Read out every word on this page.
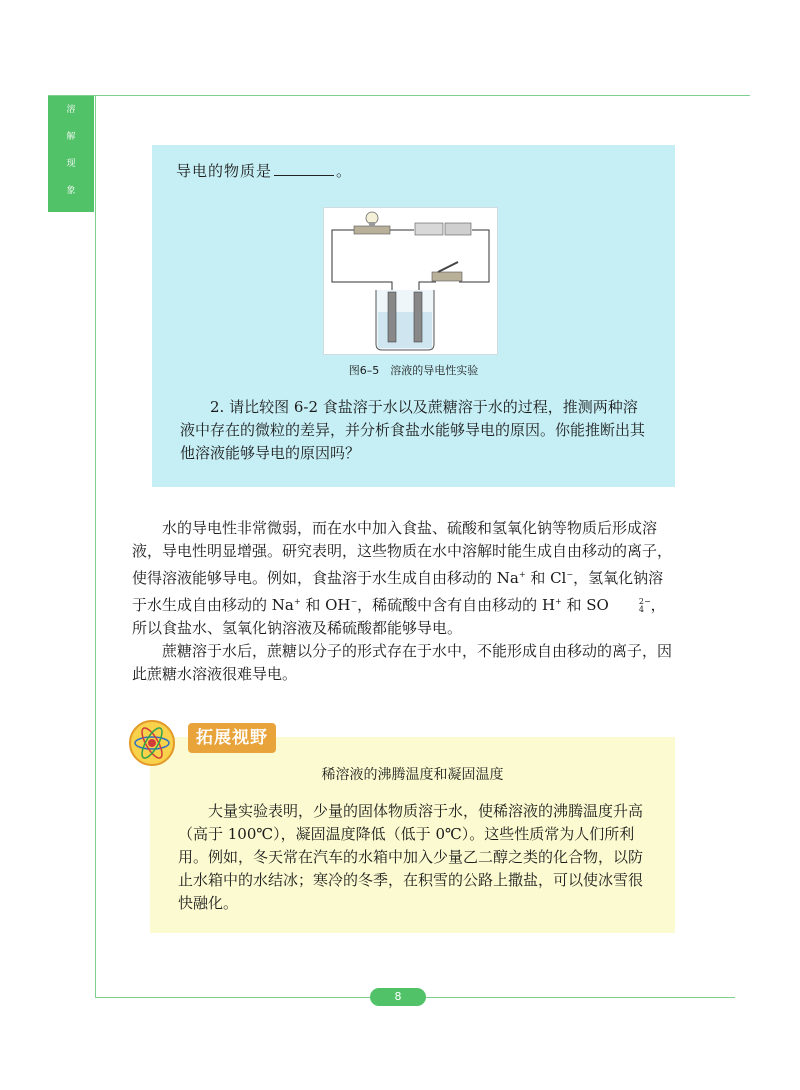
溶
解
现
象
导电的物质是	。
图6–5　溶液的导电性实验
2. 请比较图 6-2 食盐溶于水以及蔗糖溶于水的过程，推测两种溶液中存在的微粒的差异，并分析食盐水能够导电的原因。你能推断出其他溶液能够导电的原因吗？

水的导电性非常微弱，而在水中加入食盐、硫酸和氢氧化钠等物质后形成溶液，导电性明显增强。研究表明，这些物质在水中溶解时能生成自由移动的离子，使得溶液能够导电。例如，食盐溶于水生成自由移动的 Na+ 和 Cl−，氢氧化钠溶于水生成自由移动的 Na+ 和 OH−，稀硫酸中含有自由移动的 H+ 和 SO	2−
4 ，所以食盐水、氢氧化钠溶液及稀硫酸都能够导电。

蔗糖溶于水后，蔗糖以分子的形式存在于水中，不能形成自由移动的离子，因此蔗糖水溶液很难导电。

拓展视野
稀溶液的沸腾温度和凝固温度
大量实验表明，少量的固体物质溶于水，使稀溶液的沸腾温度升高（高于 100℃），凝固温度降低（低于 0℃）。这些性质常为人们所利用。例如，冬天常在汽车的水箱中加入少量乙二醇之类的化合物，以防止水箱中的水结冰；寒冷的冬季，在积雪的公路上撒盐，可以使冰雪很快融化。
8
